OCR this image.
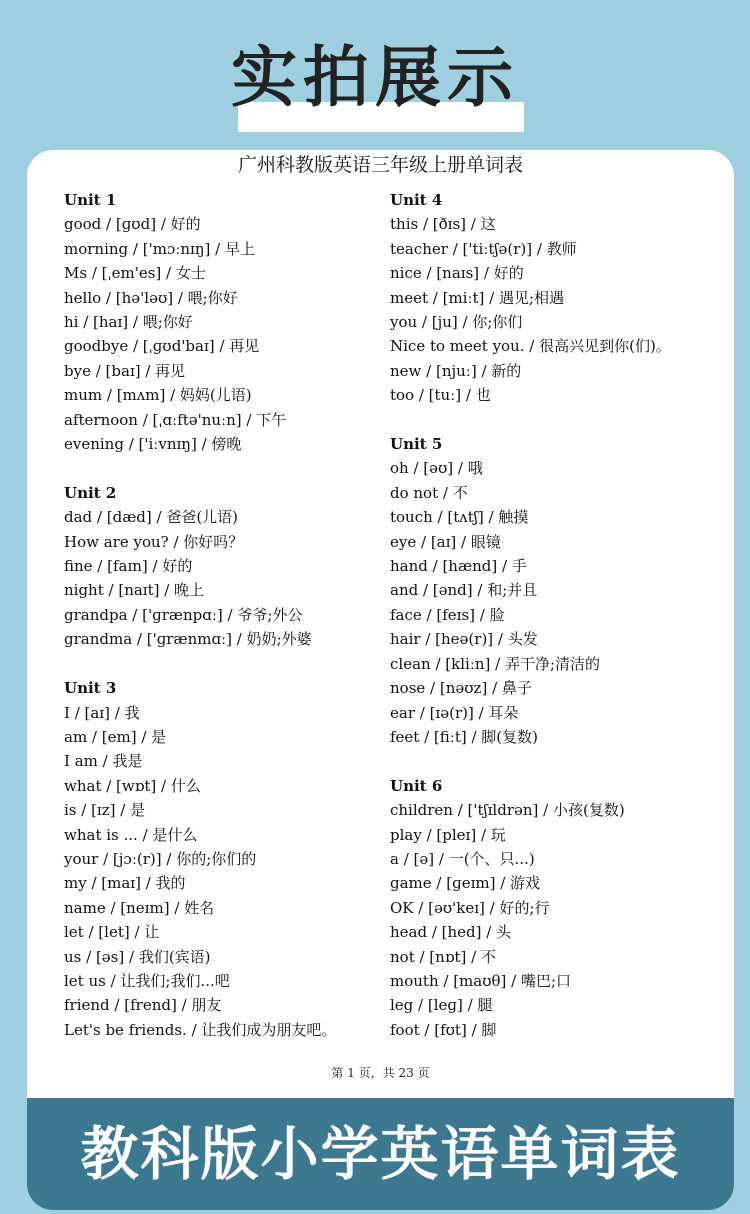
实拍展示
广州科教版英语三年级上册单词表
Unit 1
good / [ɡʊd] / 好的
morning / ['mɔːnɪŋ] / 早上
Ms / [ˌem'es] / 女士
hello / [hə'ləʊ] / 喂;你好
hi / [haɪ] / 喂;你好
goodbye / [ˌɡʊd'baɪ] / 再见
bye / [baɪ] / 再见
mum / [mʌm] / 妈妈(儿语)
afternoon / [ˌɑːftə'nuːn] / 下午
evening / ['iːvnɪŋ] / 傍晚
Unit 2
dad / [dæd] / 爸爸(儿语)
How are you? / 你好吗？
fine / [faɪn] / 好的
night / [naɪt] / 晚上
grandpa / ['ɡrænpɑː] / 爷爷;外公
grandma / ['ɡrænmɑː] / 奶奶;外婆
Unit 3
I / [aɪ] / 我
am / [em] / 是
I am / 我是
what / [wɒt] / 什么
is / [ɪz] / 是
what is ... / 是什么
your / [jɔː(r)] / 你的;你们的
my / [maɪ] / 我的
name / [neɪm] / 姓名
let / [let] / 让
us / [əs] / 我们(宾语)
let us / 让我们;我们...吧
friend / [frend] / 朋友
Let's be friends. / 让我们成为朋友吧。
Unit 4
this / [ðɪs] / 这
teacher / ['tiːtʃə(r)] / 教师
nice / [naɪs] / 好的
meet / [miːt] / 遇见;相遇
you / [ju] / 你;你们
Nice to meet you. / 很高兴见到你(们)。
new / [njuː] / 新的
too / [tuː] / 也
Unit 5
oh / [əʊ] / 哦
do not / 不
touch / [tʌtʃ] / 触摸
eye / [aɪ] / 眼镜
hand / [hænd] / 手
and / [ənd] / 和;并且
face / [feɪs] / 脸
hair / [heə(r)] / 头发
clean / [kliːn] / 弄干净;清洁的
nose / [nəʊz] / 鼻子
ear / [ɪə(r)] / 耳朵
feet / [fiːt] / 脚(复数)
Unit 6
children / ['tʃɪldrən] / 小孩(复数)
play / [pleɪ] / 玩
a / [ə] / 一(个、只...)
game / [ɡeɪm] / 游戏
OK / [əʊ'keɪ] / 好的;行
head / [hed] / 头
not / [nɒt] / 不
mouth / [maʊθ] / 嘴巴;口
leg / [leɡ] / 腿
foot / [fʊt] / 脚
第 1 页，共 23 页
教科版小学英语单词表
